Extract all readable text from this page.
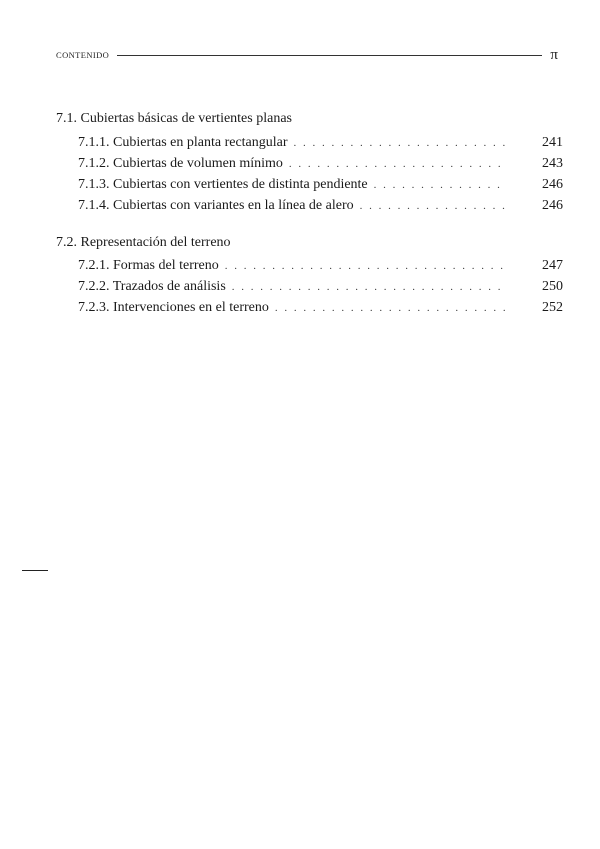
CONTENIDO	π
7.1. Cubiertas básicas de vertientes planas
7.1.1. Cubiertas en planta rectangular . . .	241
7.1.2. Cubiertas de volumen mínimo . . .	243
7.1.3. Cubiertas con vertientes de distinta pendiente . . .	246
7.1.4. Cubiertas con variantes en la línea de alero . . .	246
7.2. Representación del terreno
7.2.1. Formas del terreno . . .	247
7.2.2. Trazados de análisis . . .	250
7.2.3. Intervenciones en el terreno . . .	252
